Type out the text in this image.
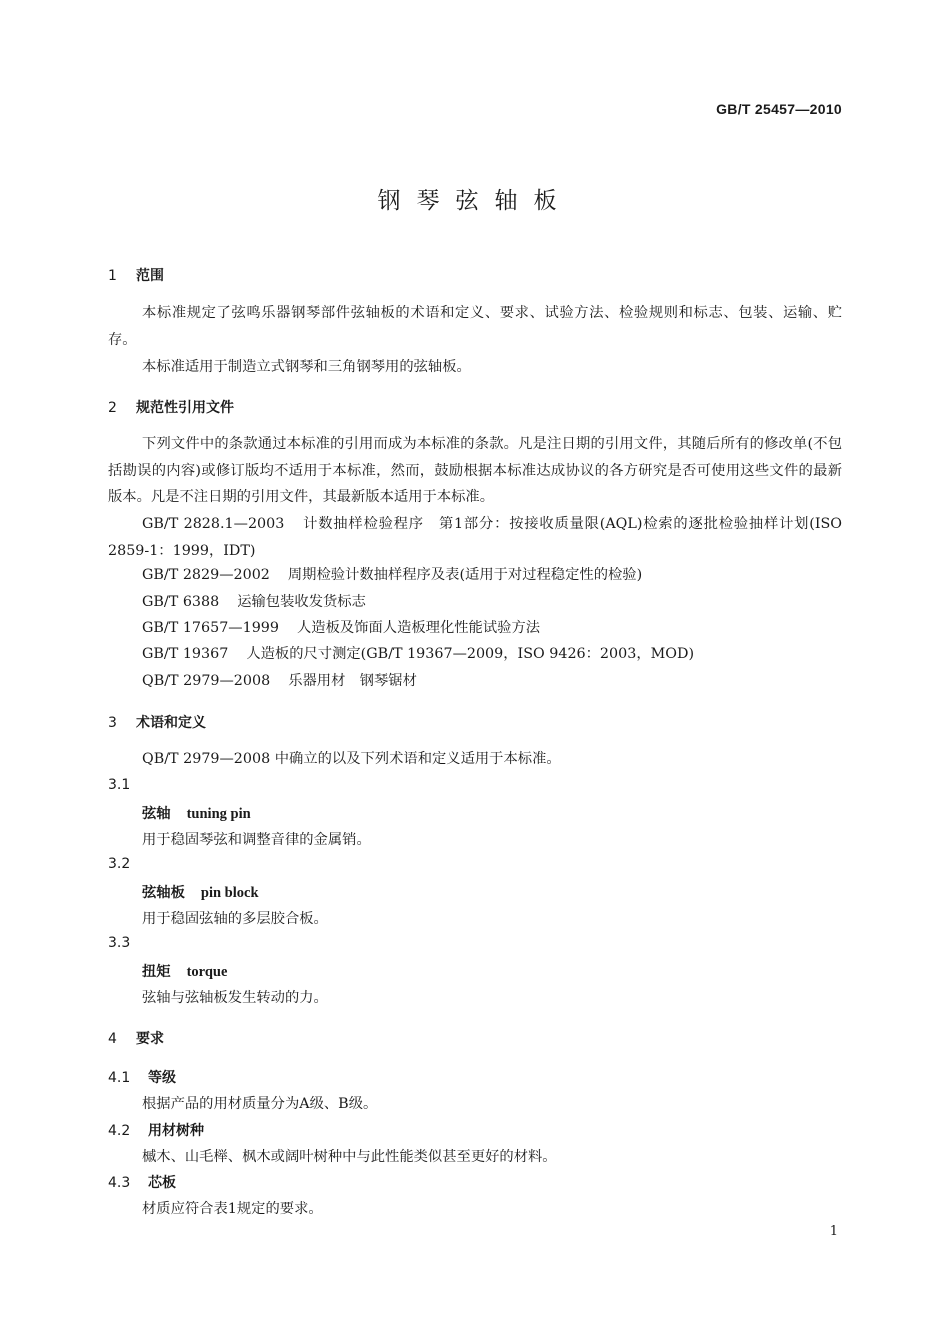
GB/T 25457—2010
钢琴弦轴板
1 范围
本标准规定了弦鸣乐器钢琴部件弦轴板的术语和定义、要求、试验方法、检验规则和标志、包装、运输、贮存。
本标准适用于制造立式钢琴和三角钢琴用的弦轴板。
2 规范性引用文件
下列文件中的条款通过本标准的引用而成为本标准的条款。凡是注日期的引用文件，其随后所有的修改单(不包括勘误的内容)或修订版均不适用于本标准，然而，鼓励根据本标准达成协议的各方研究是否可使用这些文件的最新版本。凡是不注日期的引用文件，其最新版本适用于本标准。
GB/T 2828.1—2003 计数抽样检验程序　第1部分：按接收质量限(AQL)检索的逐批检验抽样计划(ISO 2859-1：1999，IDT)
GB/T 2829—2002 周期检验计数抽样程序及表(适用于对过程稳定性的检验)
GB/T 6388 运输包装收发货标志
GB/T 17657—1999 人造板及饰面人造板理化性能试验方法
GB/T 19367 人造板的尺寸测定(GB/T 19367—2009，ISO 9426：2003，MOD)
QB/T 2979—2008 乐器用材　钢琴锯材
3 术语和定义
QB/T 2979—2008 中确立的以及下列术语和定义适用于本标准。
3.1
弦轴 tuning pin
用于稳固琴弦和调整音律的金属销。
3.2
弦轴板 pin block
用于稳固弦轴的多层胶合板。
3.3
扭矩 torque
弦轴与弦轴板发生转动的力。
4 要求
4.1 等级
根据产品的用材质量分为A级、B级。
4.2 用材树种
槭木、山毛榉、枫木或阔叶树种中与此性能类似甚至更好的材料。
4.3 芯板
材质应符合表1规定的要求。
1
